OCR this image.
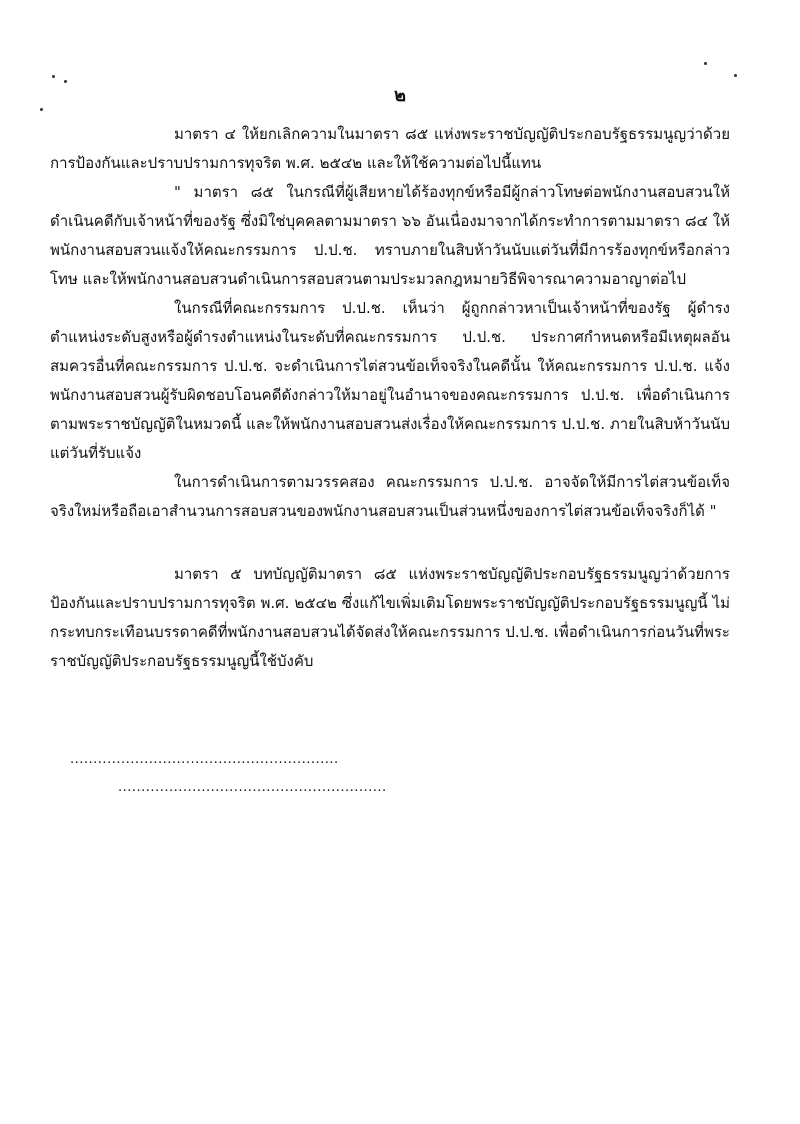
๒

มาตรา ๔ ให้ยกเลิกความในมาตรา ๘๕ แห่งพระราชบัญญัติประกอบรัฐธรรมนูญว่าด้วยการป้องกันและปราบปรามการทุจริต พ.ศ. ๒๕๔๒ และให้ใช้ความต่อไปนี้แทน

" มาตรา ๘๕ ในกรณีที่ผู้เสียหายได้ร้องทุกข์หรือมีผู้กล่าวโทษต่อพนักงานสอบสวนให้ดำเนินคดีกับเจ้าหน้าที่ของรัฐ ซึ่งมิใช่บุคคลตามมาตรา ๖๖ อันเนื่องมาจากได้กระทำการตามมาตรา ๘๔ ให้พนักงานสอบสวนแจ้งให้คณะกรรมการ ป.ป.ช. ทราบภายในสิบห้าวันนับแต่วันที่มีการร้องทุกข์หรือกล่าวโทษ และให้พนักงานสอบสวนดำเนินการสอบสวนตามประมวลกฎหมายวิธีพิจารณาความอาญาต่อไป

ในกรณีที่คณะกรรมการ ป.ป.ช. เห็นว่า ผู้ถูกกล่าวหาเป็นเจ้าหน้าที่ของรัฐ ผู้ดำรงตำแหน่งระดับสูงหรือผู้ดำรงตำแหน่งในระดับที่คณะกรรมการ ป.ป.ช. ประกาศกำหนดหรือมีเหตุผลอันสมควรอื่นที่คณะกรรมการ ป.ป.ช. จะดำเนินการไต่สวนข้อเท็จจริงในคดีนั้น ให้คณะกรรมการ ป.ป.ช. แจ้งพนักงานสอบสวนผู้รับผิดชอบโอนคดีดังกล่าวให้มาอยู่ในอำนาจของคณะกรรมการ ป.ป.ช. เพื่อดำเนินการตามพระราชบัญญัติในหมวดนี้ และให้พนักงานสอบสวนส่งเรื่องให้คณะกรรมการ ป.ป.ช. ภายในสิบห้าวันนับแต่วันที่รับแจ้ง

ในการดำเนินการตามวรรคสอง คณะกรรมการ ป.ป.ช. อาจจัดให้มีการไต่สวนข้อเท็จจริงใหม่หรือถือเอาสำนวนการสอบสวนของพนักงานสอบสวนเป็นส่วนหนึ่งของการไต่สวนข้อเท็จจริงก็ได้ "

มาตรา ๕ บทบัญญัติมาตรา ๘๕ แห่งพระราชบัญญัติประกอบรัฐธรรมนูญว่าด้วยการป้องกันและปราบปรามการทุจริต พ.ศ. ๒๕๔๒ ซึ่งแก้ไขเพิ่มเติมโดยพระราชบัญญัติประกอบรัฐธรรมนูญนี้ ไม่กระทบกระเทือนบรรดาคดีที่พนักงานสอบสวนได้จัดส่งให้คณะกรรมการ ป.ป.ช. เพื่อดำเนินการก่อนวันที่พระราชบัญญัติประกอบรัฐธรรมนูญนี้ใช้บังคับ

..........................................................
..........................................................
